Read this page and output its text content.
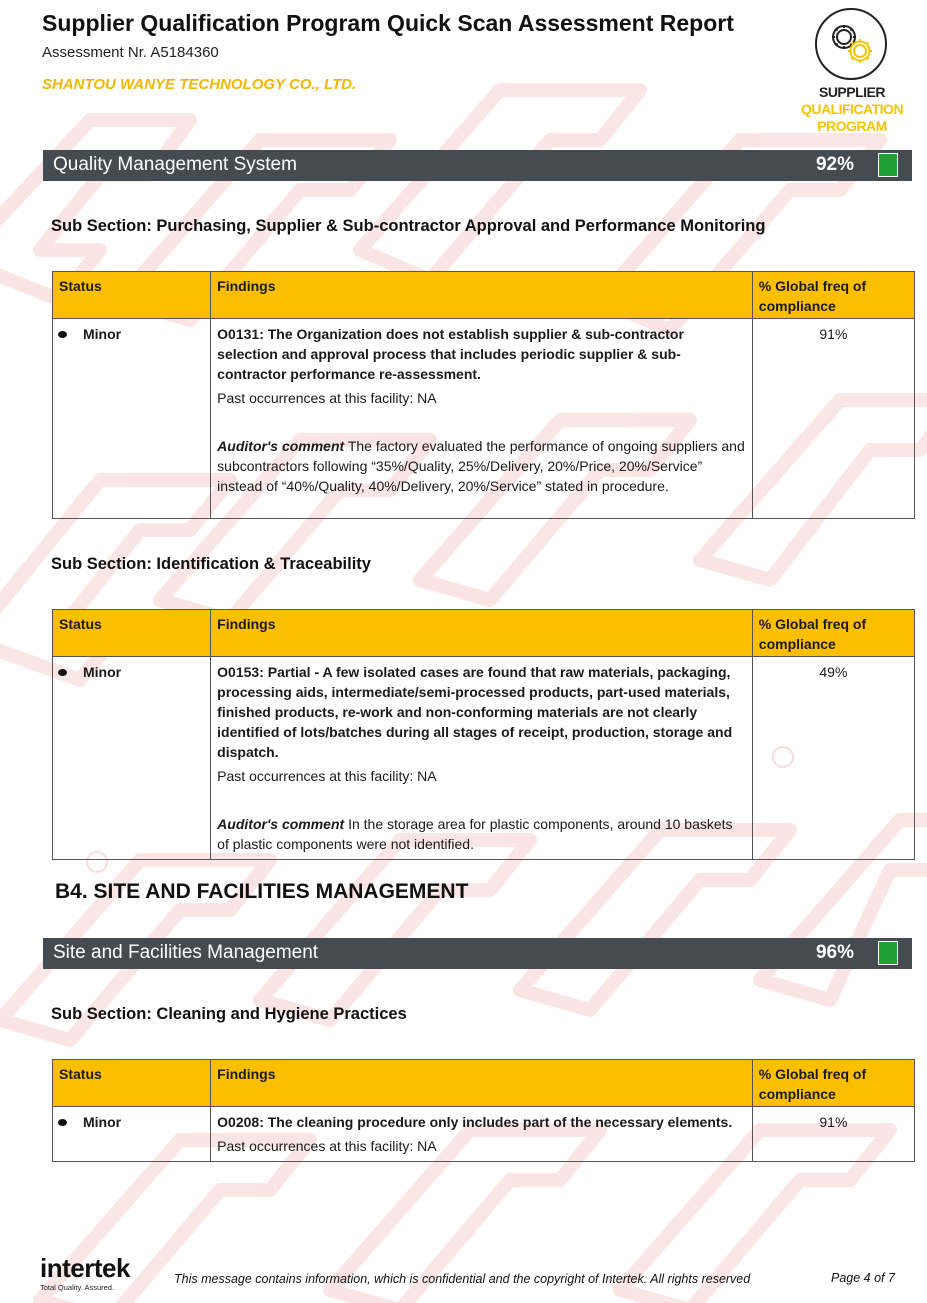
Supplier Qualification Program Quick Scan Assessment Report
Assessment Nr. A5184360
SHANTOU WANYE TECHNOLOGY CO., LTD.	SUPPLIER
QUALIFICATION
PROGRAM
Quality Management System	92%
Sub Section: Purchasing, Supplier & Sub-contractor Approval and Performance Monitoring
Status	Findings	% Global freq of compliance

Minor	O0131: The Organization does not establish supplier & sub-contractor selection and approval process that includes periodic supplier & sub-contractor performance re-assessment.
Past occurrences at this facility: NA
Auditor's comment The factory evaluated the performance of ongoing suppliers and subcontractors following “35%/Quality, 25%/Delivery, 20%/Price, 20%/Service” instead of “40%/Quality, 40%/Delivery, 20%/Service” stated in procedure.	91%
Sub Section: Identification & Traceability
Status	Findings	% Global freq of compliance

Minor	O0153: Partial - A few isolated cases are found that raw materials, packaging, processing aids, intermediate/semi-processed products, part-used materials, finished products, re-work and non-conforming materials are not clearly identified of lots/batches during all stages of receipt, production, storage and dispatch.
Past occurrences at this facility: NA
Auditor's comment In the storage area for plastic components, around 10 baskets of plastic components were not identified.	49%
B4. SITE AND FACILITIES MANAGEMENT
Site and Facilities Management	96%
Sub Section: Cleaning and Hygiene Practices
Status	Findings	% Global freq of compliance

Minor	O0208: The cleaning procedure only includes part of the necessary elements.
Past occurrences at this facility: NA	91%
intertek
Total Quality. Assured.
This message contains information, which is confidential and the copyright of Intertek. All rights reserved	Page 4 of 7
